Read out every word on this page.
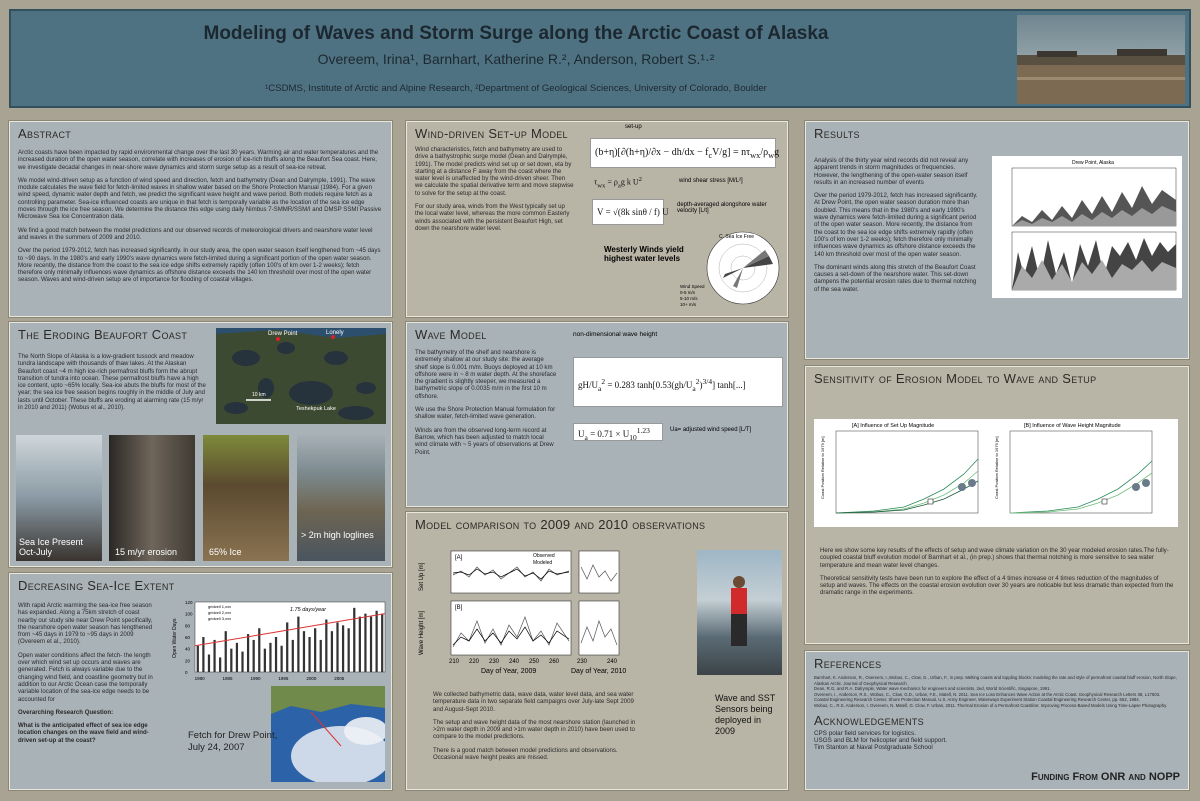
Modeling of Waves and Storm Surge along the Arctic Coast of Alaska
Overeem, Irina¹, Barnhart, Katherine R.², Anderson, Robert S.¹·²
¹CSDMS, Institute of Arctic and Alpine Research, ²Department of Geological Sciences, University of Colorado, Boulder
Abstract

Arctic coasts have been impacted by rapid environmental change over the last 30 years. Warming air and water temperatures and the increased duration of the open water season, correlate with increases of erosion of ice-rich bluffs along the Beaufort Sea coast. Here, we investigate decadal changes in near-shore wave dynamics and storm surge setup as a result of sea-ice retreat.

We model wind-driven setup as a function of wind speed and direction, fetch and bathymetry (Dean and Dalrymple, 1991). The wave module calculates the wave field for fetch-limited waves in shallow water based on the Shore Protection Manual (1984). For a given wind speed, dynamic water depth and fetch, we predict the significant wave height and wave period. Both models require fetch as a controlling parameter. Sea-ice influenced coasts are unique in that fetch is temporally variable as the location of the sea ice edge moves through the ice free season. We determine the distance this edge using daily Nimbus 7-SMMR/SSM/I and DMSP SSMI Passive Microwave Sea Ice Concentration data.

We find a good match between the model predictions and our observed records of meteorological drivers and nearshore water level and waves in the summers of 2009 and 2010.

Over the period 1979-2012, fetch has increased significantly. In our study area, the open water season itself lengthened from ~45 days to ~90 days. In the 1980's and early 1990's wave dynamics were fetch-limited during a significant portion of the open water season. More recently, the distance from the coast to the sea ice edge shifts extremely rapidly (often 100's of km over 1-2 weeks); fetch therefore only minimally influences wave dynamics as offshore distance exceeds the 140 km threshold over most of the open water season. Waves and wind-driven setup are of importance for flooding of coastal villages.

The Eroding Beaufort Coast
The North Slope of Alaska is a low-gradient tussock and meadow tundra landscape with thousands of thaw lakes. At the Alaskan Beaufort coast ~4 m high ice-rich permafrost bluffs form the abrupt transition of tundra into ocean. These permafrost bluffs have a high ice content, upto ~65% locally. Sea-ice abuts the bluffs for most of the year; the sea ice free season begins roughly in the middle of July and lasts until October. These bluffs are eroding at alarming rate (15 m/yr in 2010 and 2011) (Wobus et al., 2010).
Drew Point	Lonely
Teshekpuk Lake
10 km
Sea Ice Present Oct-July	15 m/yr erosion	65% Ice
> 2m high loglines
Decreasing Sea-Ice Extent

With rapid Arctic warming the sea-ice free season has expanded. Along a 75km stretch of coast nearby our study site near Drew Point specifically, the nearshore open water season has lengthened from ~45 days in 1979 to ~95 days in 2009 (Overeem et al., 2010).

Open water conditions affect the fetch- the length over which wind set up occurs and waves are generated. Fetch is always variable due to the changing wind field, and coastline geometry but in addition to our Arctic Ocean case the temporally variable location of the sea-ice edge needs to be accounted for

Overarching Research Question:

What is the anticipated effect of sea ice edge location changes on the wave field and wind-driven set-up at the coast?

Open Water Days
1.75 days/year
gridcell 1,xxx
gridcell 2,xxx
gridcell 3,xxx
1980	1985	1990	1995	2000	2005
0
20
40
60
80
100
120
Fetch for Drew Point, July 24, 2007
Wind-driven Set-up Model

Wind characteristics, fetch and bathymetry are used to drive a bathystrophic surge model (Dean and Dalrymple, 1991). The model predicts wind set up or set down, eta by starting at a distance F away from the coast where the water level is unaffected by the wind-driven sheer. Then we calculate the spatial derivative term and move stepwise to solve for the setup at the coast.

For our study area, winds from the West typically set up the local water level, whereas the more common Easterly winds associated with the persistent Beaufort High, set down the nearshore water level.

set-up
$(b+\eta)[\partial(h+\eta)/\partial x - dh/dx - f_cV/g] = n\tau_{wx}/\rho_wg$
$\tau_{wx} = \rho_ag$ k $U^2$	wind shear stress [M/L²]
V = √(8k sinθ / f) U
depth-averaged alongshore water velocity [L/t]
Westerly Winds yield highest water levels
C. Sea Ice Free
Wind Speed
0-5 m/s
5-10 m/s
10+ m/s
Wave Model

The bathymetry of the shelf and nearshore is extremely shallow at our study site: the average shelf slope is 0.001 m/m. Buoys deployed at 10 km offshore were in ~ 8 m water depth. At the shoreface the gradient is slightly steeper, we measured a bathymetric slope of 0.0035 m/m in the first 10 m offshore.

We use the Shore Protection Manual formulation for shallow water, fetch-limited wave generation.

Winds are from the observed long-term record at Barrow, which has been adjusted to match local wind climate with ~ 5 years of observations at Drew Point.

non-dimensional wave height
$gH/U_a^2 = 0.283$ $\tanh[0.53(gh/U_a^2)^{3/4}]$ tanh[...]
$U_a = 0.71 \times U_{10}^{1.23}$	Ua= adjusted wind speed [L/T]
Model comparison to 2009 and 2010 observations
[A]
[B]
Observed
Modeled
Set Up [m]
Wave Height [m]
210 220 230 240 250 260	230	240
Day of Year, 2009	Day of Year, 2010

We collected bathymetric data, wave data, water level data, and sea water temperature data in two separate field campaigns over July-late Sept 2009 and August-Sept 2010.

The setup and wave height data of the most nearshore station (launched in >2m water depth in 2009 and >1m water depth in 2010) have been used to compare to the model predictions.

There is a good match between model predictions and observations. Occasional wave height peaks are missed.

Wave and SST Sensors being deployed in 2009
Results

Analysis of the thirty year wind records did not reveal any apparent trends in storm magnitudes or frequencies. However, the lengthening of the open-water season itself results in an increased number of events

Over the period 1979-2012, fetch has increased significantly. At Drew Point, the open water season duration more than doubled. This means that in the 1980's and early 1990's wave dynamics were fetch-limited during a significant period of the open water season. More recently, the distance from the coast to the sea ice edge shifts extremely rapidly (often 100's of km over 1-2 weeks); fetch therefore only minimally influences wave dynamics as offshore distance exceeds the 140 km threshold over most of the open water season.

The dominant winds along this stretch of the Beaufort Coast causes a set-down of the nearshore water. This set-down dampens the potential erosion rates due to thermal notching of the sea water.

Drew Point, Alaska
Sensitivity of Erosion Model to Wave and Setup
[A] Influence of Set Up Magnitude	[B] Influence of Wave Height Magnitude
Coast Position Relative to 1979 [m]	Coast Position Relative to 1979 [m]

Here we show some key results of the effects of setup and wave climate variation on the 30 year modeled erosion rates.The fully-coupled coastal bluff evolution model of Barnhart et al., (in prep.) shows that thermal notching is more sensitive to sea water temperature and mean water level changes.

Theoretical sensitivity tests have been run to explore the effect of a 4 times increase or 4 times reduction of the magnitudes of setup and waves. The effects on the coastal erosion evolution over 30 years are noticable but less dramatic than expected from the dramatic range in the experiments.

References
Barnhart, K. Anderson, R., Overeem, I.,Wobus, C., Clow, G., Urban, F., in prep. Melting coasts and toppling blocks: modeling the rate and style of permafrost coastal bluff erosion, North Slope, Alaskan Arctic. Journal of Geophysical Research.
Dean, R.G, and R.A. Dalrymple, Water wave mechanics for engineers and scientists. 2ed, World Scientific, Singapore, 1991.
Overeem, I., Anderson, R.S., Wobus, C., Clow, G.D., Urban, F.E., Matell, N. 2011. Sea Ice Loss Enhances Wave Action at the Arctic Coast. Geophysical Research Letters 38, L17503.
Coastal Engineering Research Center, Shore Protection Manual, U.S. Army Engineer, Waterways Experiment Station Coastal Engineering Research Center, pp. 652, 1984.
Wobus, C., R.S. Anderson, I. Overeem, N. Matell, G. Clow, F. Urban, 2011. Thermal Erosion of a Permafrost Coastline: Improving Process-Based Models Using Time-Lapse Photography.
Acknowledgements
CPS polar field services for logistics.
USGS and BLM for helicopter and field support.
Tim Stanton at Naval Postgraduate School
Funding From ONR and NOPP
